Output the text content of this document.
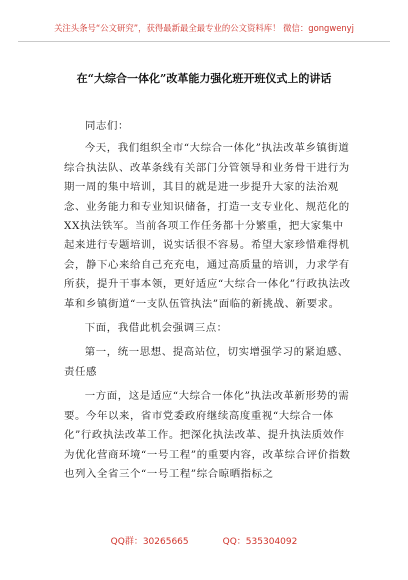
关注头条号“公文研究”，获得最新最全最专业的公文资料库！ 微信：gongwenyj
在“大综合一体化”改革能力强化班开班仪式上的讲话

同志们：

今天，我们组织全市“大综合一体化”执法改革乡镇街道综合执法队、改革条线有关部门分管领导和业务骨干进行为期一周的集中培训，其目的就是进一步提升大家的法治观念、业务能力和专业知识储备，打造一支专业化、规范化的XX执法铁军。当前各项工作任务都十分繁重，把大家集中起来进行专题培训，说实话很不容易。希望大家珍惜难得机会，静下心来给自己充充电，通过高质量的培训，力求学有所获，提升干事本领，更好适应“大综合一体化”行政执法改革和乡镇街道“一支队伍管执法”面临的新挑战、新要求。

下面，我借此机会强调三点：

第一，统一思想、提高站位，切实增强学习的紧迫感、责任感

一方面，这是适应“大综合一体化”执法改革新形势的需要。今年以来，省市党委政府继续高度重视“大综合一体化”行政执法改革工作。把深化执法改革、提升执法质效作为优化营商环境“一号工程”的重要内容，改革综合评价指数也列入全省三个“一号工程”综合晾晒指标之

QQ群：30265665	QQ：535304092
